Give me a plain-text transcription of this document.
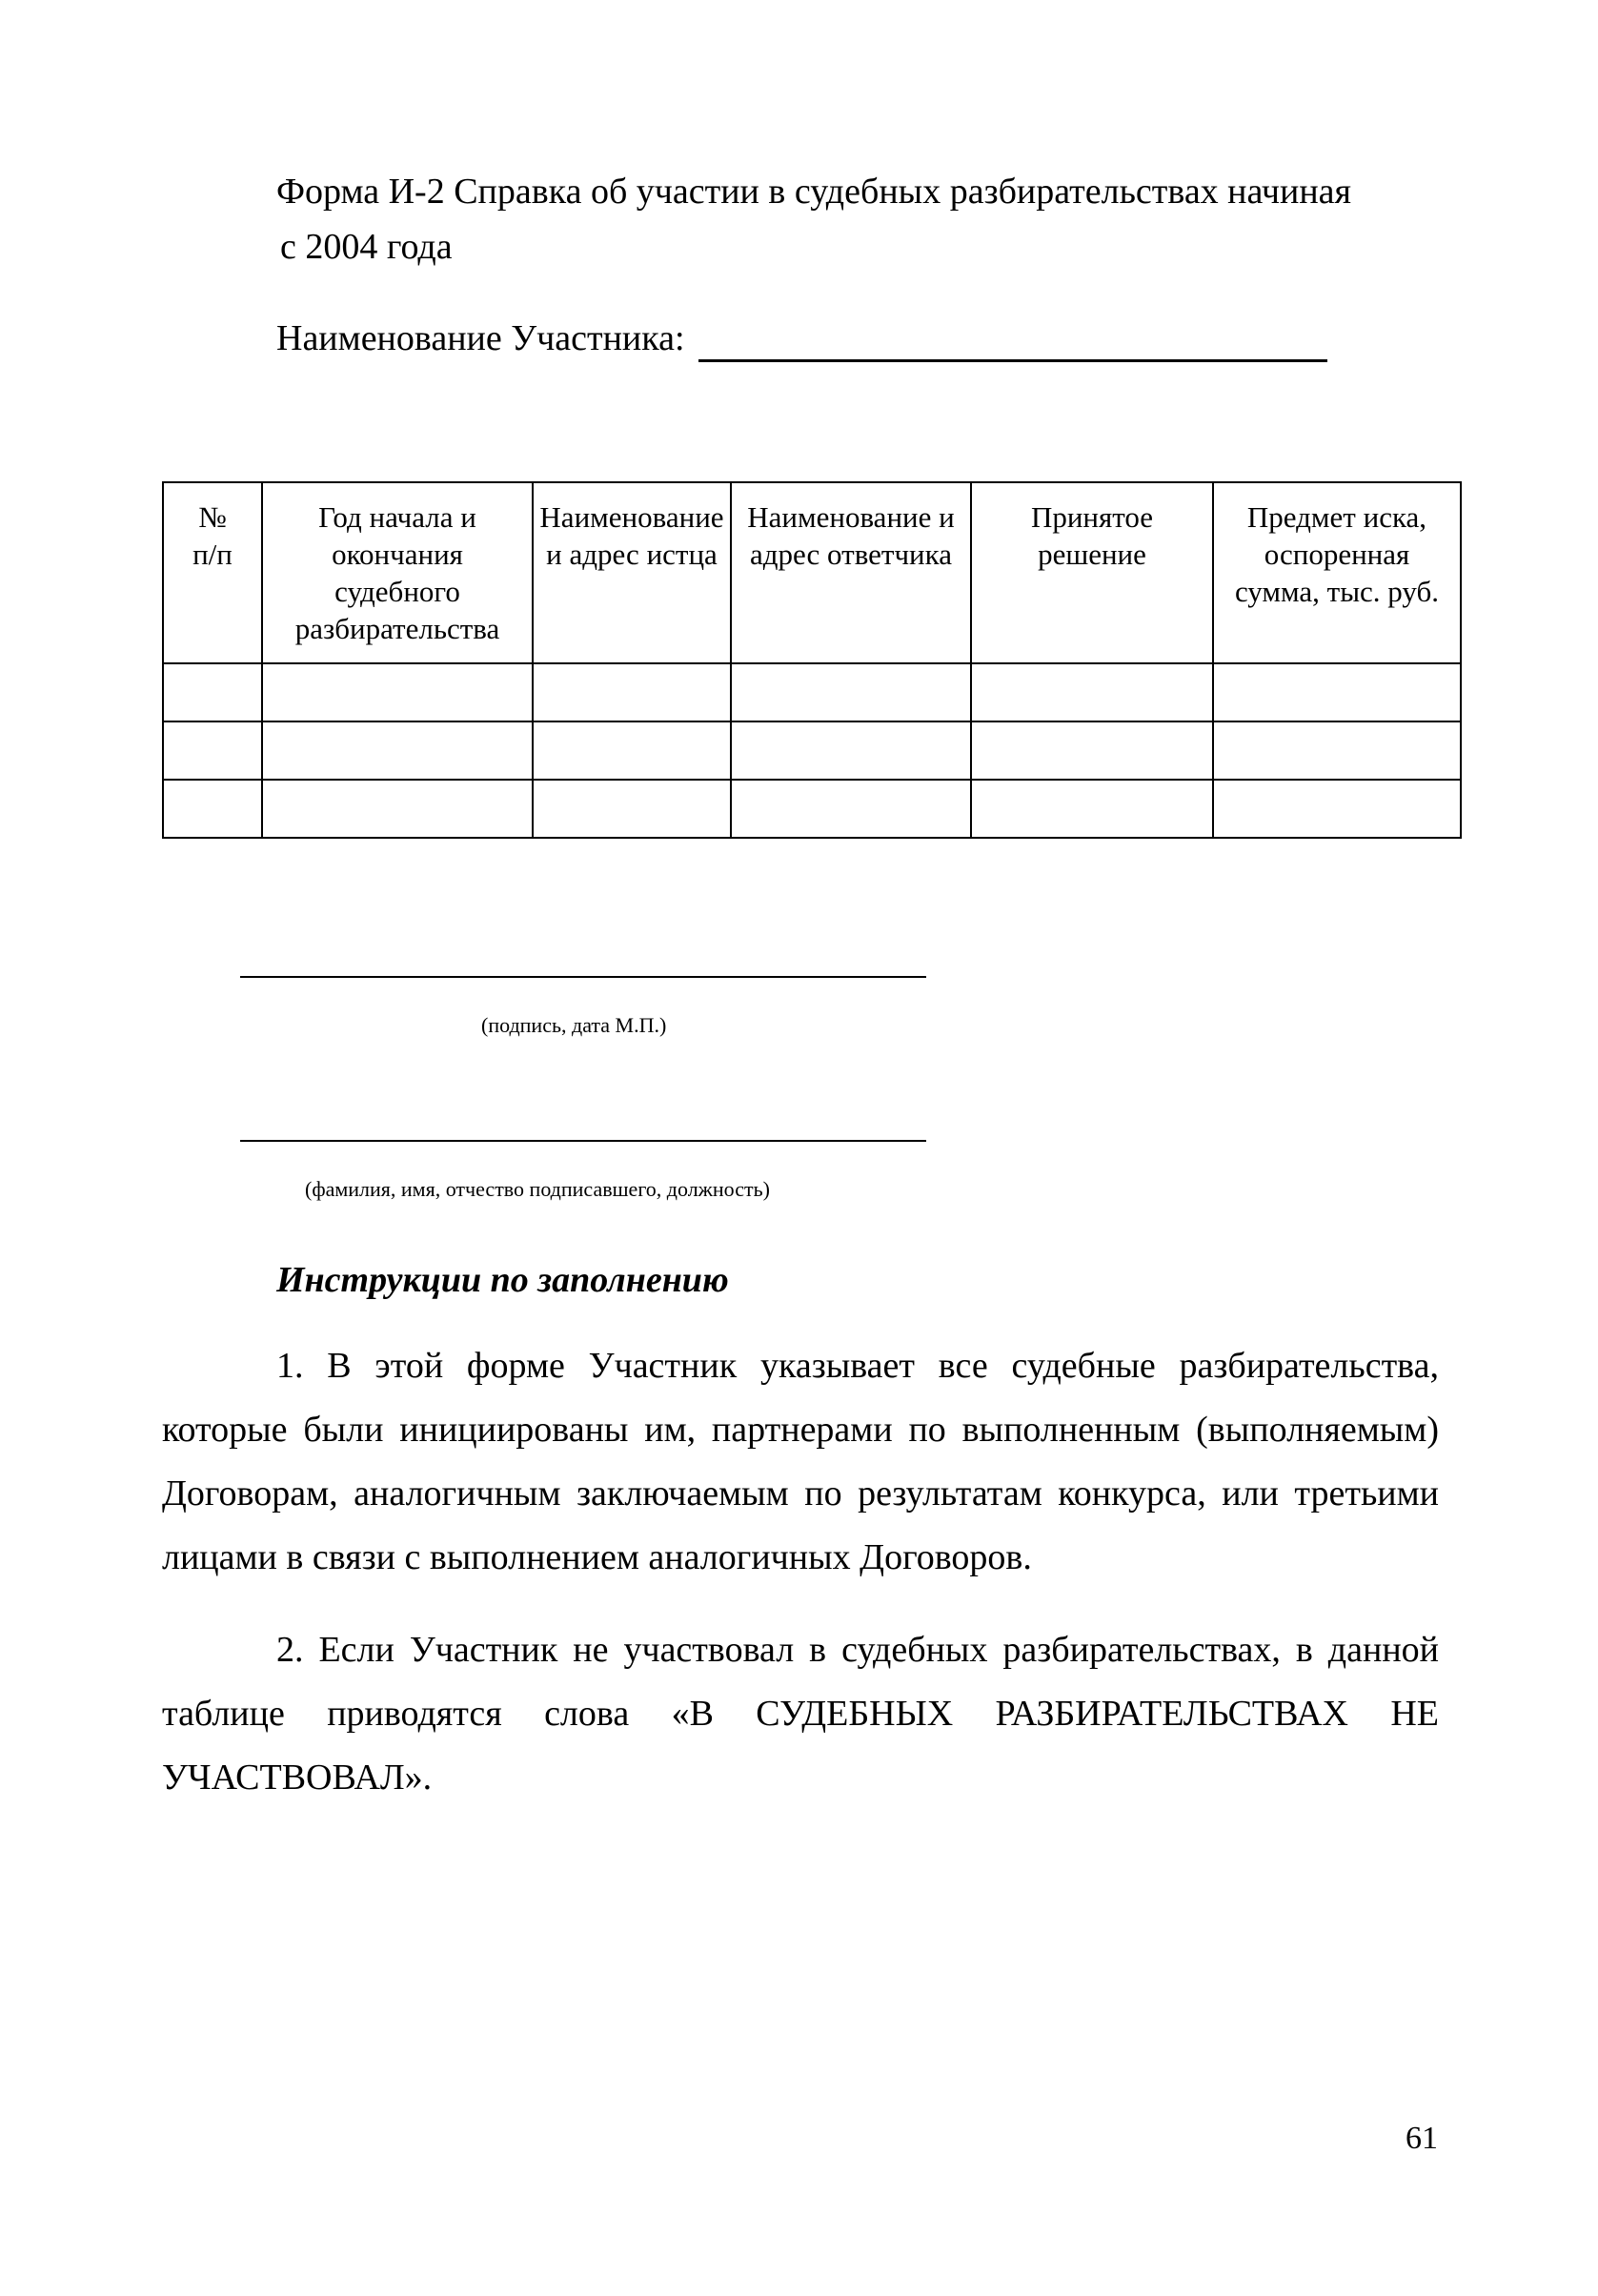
Форма И-2 Справка об участии в судебных разбирательствах начиная
с 2004 года
Наименование Участника:
№ п/п	Год начала и окончания судебного разбирательства	Наименование и адрес истца	Наименование и адрес ответчика	Принятое решение	Предмет иска, оспоренная сумма, тыс. руб.

(подпись, дата М.П.)
(фамилия, имя, отчество подписавшего, должность)
Инструкции по заполнению

1. В этой форме Участник указывает все судебные разбирательства, которые были инициированы им, партнерами по выполненным (выполняемым) Договорам, аналогичным заключаемым по результатам конкурса, или третьими лицами в связи с выполнением аналогичных Договоров.

2. Если Участник не участвовал в судебных разбирательствах, в данной таблице приводятся слова «В СУДЕБНЫХ РАЗБИРАТЕЛЬСТВАХ НЕ УЧАСТВОВАЛ».

61
